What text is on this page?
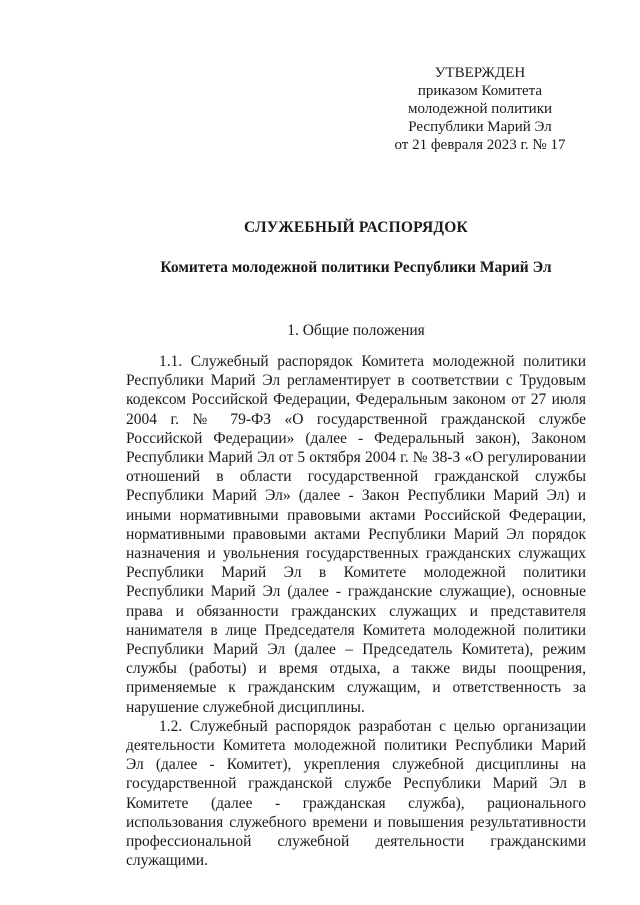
УТВЕРЖДЕН
приказом Комитета
молодежной политики
Республики Марий Эл
от 21 февраля 2023 г. № 17
СЛУЖЕБНЫЙ РАСПОРЯДОК
Комитета молодежной политики Республики Марий Эл
1. Общие положения

1.1. Служебный распорядок Комитета молодежной политики Республики Марий Эл регламентирует в соответствии с Трудовым кодексом Российской Федерации, Федеральным законом от 27 июля 2004 г. № 79-ФЗ «О государственной гражданской службе Российской Федерации» (далее - Федеральный закон), Законом Республики Марий Эл от 5 октября 2004 г. № 38-З «О регулировании отношений в области государственной гражданской службы Республики Марий Эл» (далее - Закон Республики Марий Эл) и иными нормативными правовыми актами Российской Федерации, нормативными правовыми актами Республики Марий Эл порядок назначения и увольнения государственных гражданских служащих Республики Марий Эл в Комитете молодежной политики Республики Марий Эл (далее - гражданские служащие), основные права и обязанности гражданских служащих и представителя нанимателя в лице Председателя Комитета молодежной политики Республики Марий Эл (далее – Председатель Комитета), режим службы (работы) и время отдыха, а также виды поощрения, применяемые к гражданским служащим, и ответственность за нарушение служебной дисциплины.

1.2. Служебный распорядок разработан с целью организации деятельности Комитета молодежной политики Республики Марий Эл (далее - Комитет), укрепления служебной дисциплины на государственной гражданской службе Республики Марий Эл в Комитете (далее - гражданская служба), рационального использования служебного времени и повышения результативности профессиональной служебной деятельности гражданскими служащими.
